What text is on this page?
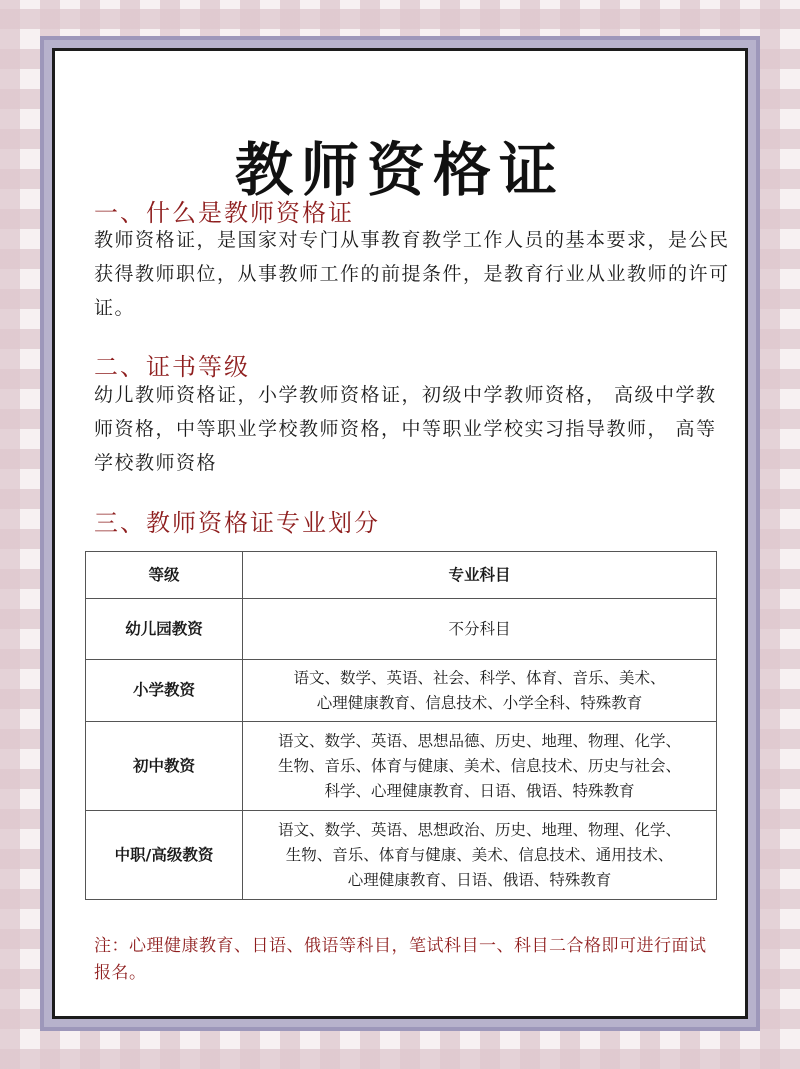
教师资格证
一、什么是教师资格证

教师资格证，是国家对专门从事教育教学工作人员的基本要求，是公民获得教师职位，从事教师工作的前提条件，是教育行业从业教师的许可证。

二、证书等级

幼儿教师资格证，小学教师资格证，初级中学教师资格， 高级中学教师资格，中等职业学校教师资格，中等职业学校实习指导教师， 高等学校教师资格

三、教师资格证专业划分
等级	专业科目
幼儿园教资	不分科目

小学教资	语文、数学、英语、社会、科学、体育、音乐、美术、
心理健康教育、信息技术、小学全科、特殊教育

初中教资	语文、数学、英语、思想品德、历史、地理、物理、化学、
生物、音乐、体育与健康、美术、信息技术、历史与社会、
科学、心理健康教育、日语、俄语、特殊教育

中职/高级教资	语文、数学、英语、思想政治、历史、地理、物理、化学、
生物、音乐、体育与健康、美术、信息技术、通用技术、
心理健康教育、日语、俄语、特殊教育

注：心理健康教育、日语、俄语等科目，笔试科目一、科目二合格即可进行面试报名。
